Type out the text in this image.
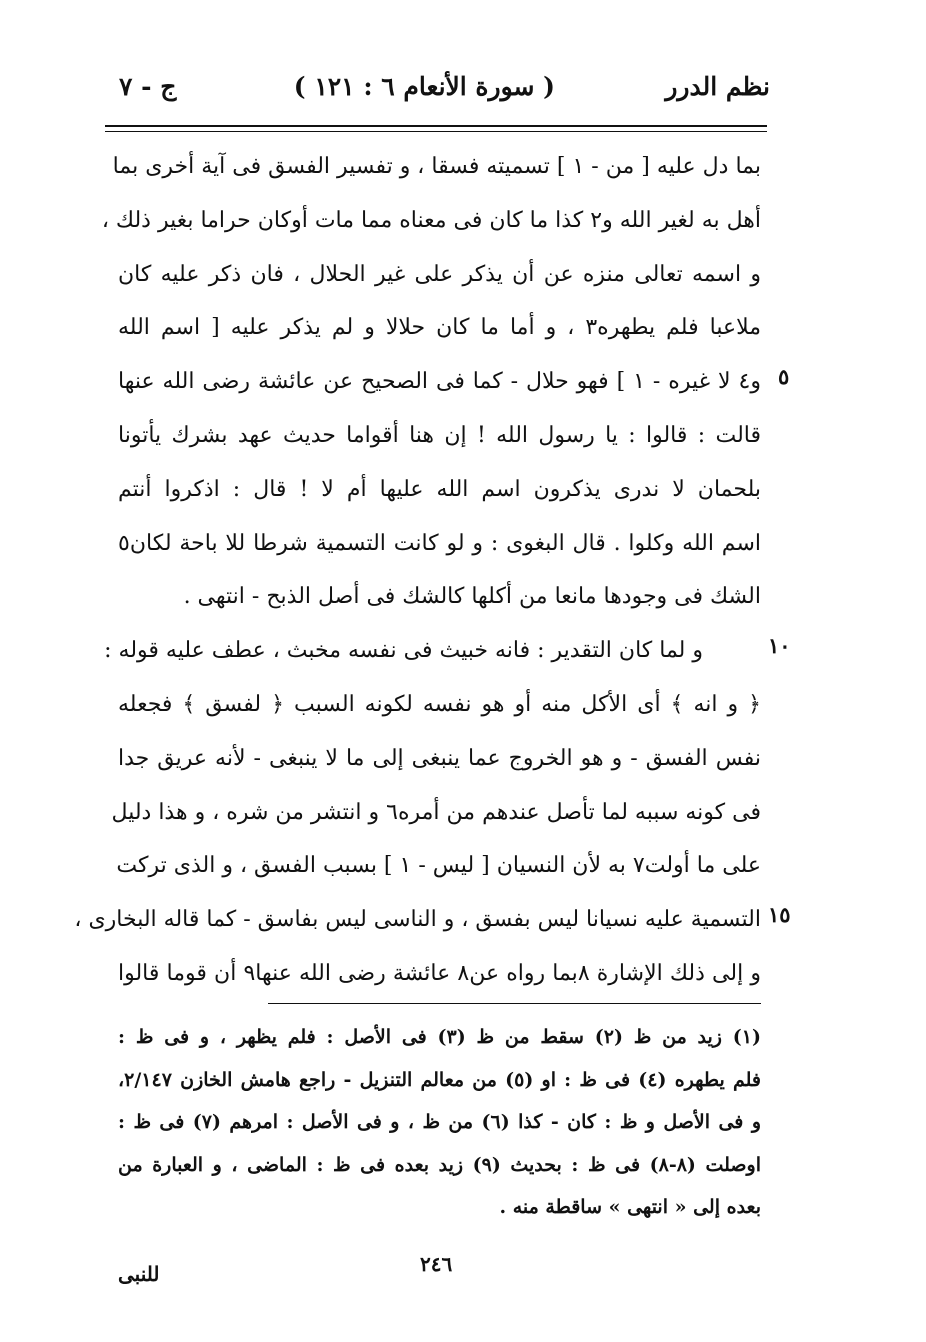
نظم الدرر
( سورة الأنعام ٦ : ١٢١ )
ج - ٧
بما دل عليه [ من - ١ ] تسميته فسقا ، و تفسير الفسق فى آية أخرى بما
أهل به لغير الله و٢ كذا ما كان فى معناه مما مات أوكان حراما بغير ذلك ،
و اسمه تعالى منزه عن أن يذكر على غير الحلال ، فان ذكر عليه كان
ملاعبا فلم يطهره٣ ، و أما ما كان حلالا و لم يذكر عليه [ اسم الله
و٤ لا غيره - ١ ] فهو حلال - كما فى الصحيح عن عائشة رضى الله عنها
قالت : قالوا : يا رسول الله ! إن هنا أقواما حديث عهد بشرك يأتونا
بلحمان لا ندرى يذكرون اسم الله عليها أم لا ! قال : اذكروا أنتم
اسم الله وكلوا . قال البغوى : و لو كانت التسمية شرطا للا باحة لكان٥
الشك فى وجودها مانعا من أكلها كالشك فى أصل الذبح - انتهى .
و لما كان التقدير : فانه خبيث فى نفسه مخبث ، عطف عليه قوله :
﴿ و انه ﴾ أى الأكل منه أو هو نفسه لكونه السبب ﴿ لفسق ﴾ فجعله
نفس الفسق - و هو الخروج عما ينبغى إلى ما لا ينبغى - لأنه عريق جدا
فى كونه سببه لما تأصل عندهم من أمره٦ و انتشر من شره ، و هذا دليل
على ما أولت٧ به لأن النسيان [ ليس - ١ ] بسبب الفسق ، و الذى تركت
التسمية عليه نسيانا ليس بفسق ، و الناسى ليس بفاسق - كما قاله البخارى ،
و إلى ذلك الإشارة ٨بما رواه عن٨ عائشة رضى الله عنها٩ أن قوما قالوا
٥
١٠
١٥
(١) زيد من ظ (٢) سقط من ظ (٣) فى الأصل : فلم يظهر ، و فى ظ :
فلم يطهره (٤) فى ظ : او (٥) من معالم التنزيل - راجع هامش الخازن ٢/١٤٧،
و فى الأصل و ظ : كان - كذا (٦) من ظ ، و فى الأصل : امرهم (٧) فى ظ :
اوصلت (٨-٨) فى ظ : بحديث (٩) زيد بعده فى ظ : الماضى ، و العبارة من
بعده إلى « انتهى » ساقطة منه .
٢٤٦
للنبى
